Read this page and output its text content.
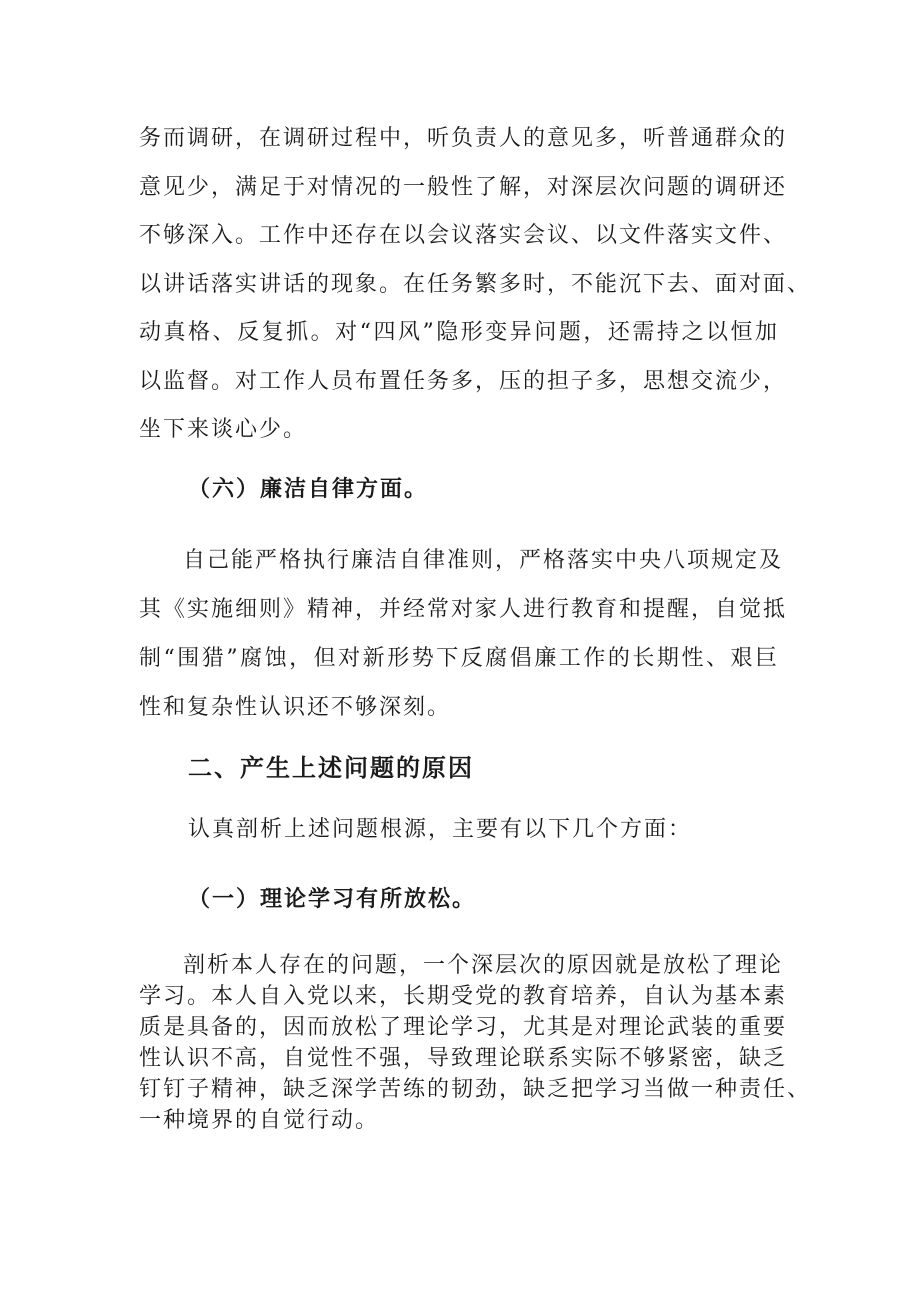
务而调研，在调研过程中，听负责人的意见多，听普通群众的

意见少，满足于对情况的一般性了解，对深层次问题的调研还

不够深入。工作中还存在以会议落实会议、以文件落实文件、

以讲话落实讲话的现象。在任务繁多时，不能沉下去、面对面、

动真格、反复抓。对“四风”隐形变异问题，还需持之以恒加

以监督。对工作人员布置任务多，压的担子多，思想交流少，

坐下来谈心少。

（六）廉洁自律方面。

自己能严格执行廉洁自律准则，严格落实中央八项规定及

其《实施细则》精神，并经常对家人进行教育和提醒，自觉抵

制“围猎”腐蚀，但对新形势下反腐倡廉工作的长期性、艰巨

性和复杂性认识还不够深刻。

二、产生上述问题的原因

认真剖析上述问题根源，主要有以下几个方面：

（一）理论学习有所放松。

剖析本人存在的问题，一个深层次的原因就是放松了理论

学习。本人自入党以来，长期受党的教育培养，自认为基本素

质是具备的，因而放松了理论学习，尤其是对理论武装的重要

性认识不高，自觉性不强，导致理论联系实际不够紧密，缺乏

钉钉子精神，缺乏深学苦练的韧劲，缺乏把学习当做一种责任、

一种境界的自觉行动。
